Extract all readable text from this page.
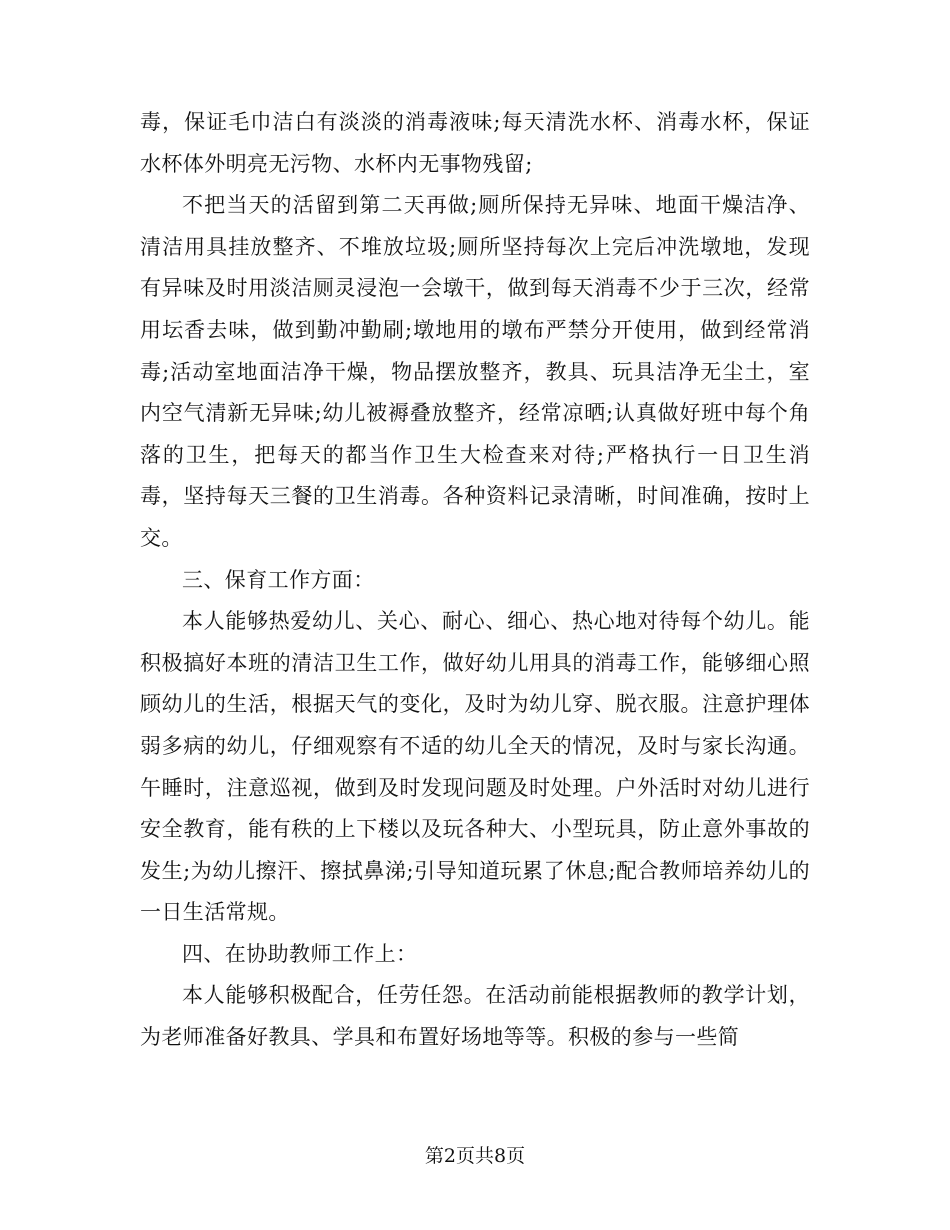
毒，保证毛巾洁白有淡淡的消毒液味;每天清洗水杯、消毒水杯，保证水杯体外明亮无污物、水杯内无事物残留;

不把当天的活留到第二天再做;厕所保持无异味、地面干燥洁净、清洁用具挂放整齐、不堆放垃圾;厕所坚持每次上完后冲洗墩地，发现有异味及时用淡洁厕灵浸泡一会墩干，做到每天消毒不少于三次，经常用坛香去味，做到勤冲勤刷;墩地用的墩布严禁分开使用，做到经常消毒;活动室地面洁净干燥，物品摆放整齐，教具、玩具洁净无尘土，室内空气清新无异味;幼儿被褥叠放整齐，经常凉晒;认真做好班中每个角落的卫生，把每天的都当作卫生大检查来对待;严格执行一日卫生消毒，坚持每天三餐的卫生消毒。各种资料记录清晰，时间准确，按时上交。

三、保育工作方面：

本人能够热爱幼儿、关心、耐心、细心、热心地对待每个幼儿。能积极搞好本班的清洁卫生工作，做好幼儿用具的消毒工作，能够细心照顾幼儿的生活，根据天气的变化，及时为幼儿穿、脱衣服。注意护理体弱多病的幼儿，仔细观察有不适的幼儿全天的情况，及时与家长沟通。午睡时，注意巡视，做到及时发现问题及时处理。户外活时对幼儿进行安全教育，能有秩的上下楼以及玩各种大、小型玩具，防止意外事故的发生;为幼儿擦汗、擦拭鼻涕;引导知道玩累了休息;配合教师培养幼儿的一日生活常规。

四、在协助教师工作上：

本人能够积极配合，任劳任怨。在活动前能根据教师的教学计划，为老师准备好教具、学具和布置好场地等等。积极的参与一些简

第2页共8页
